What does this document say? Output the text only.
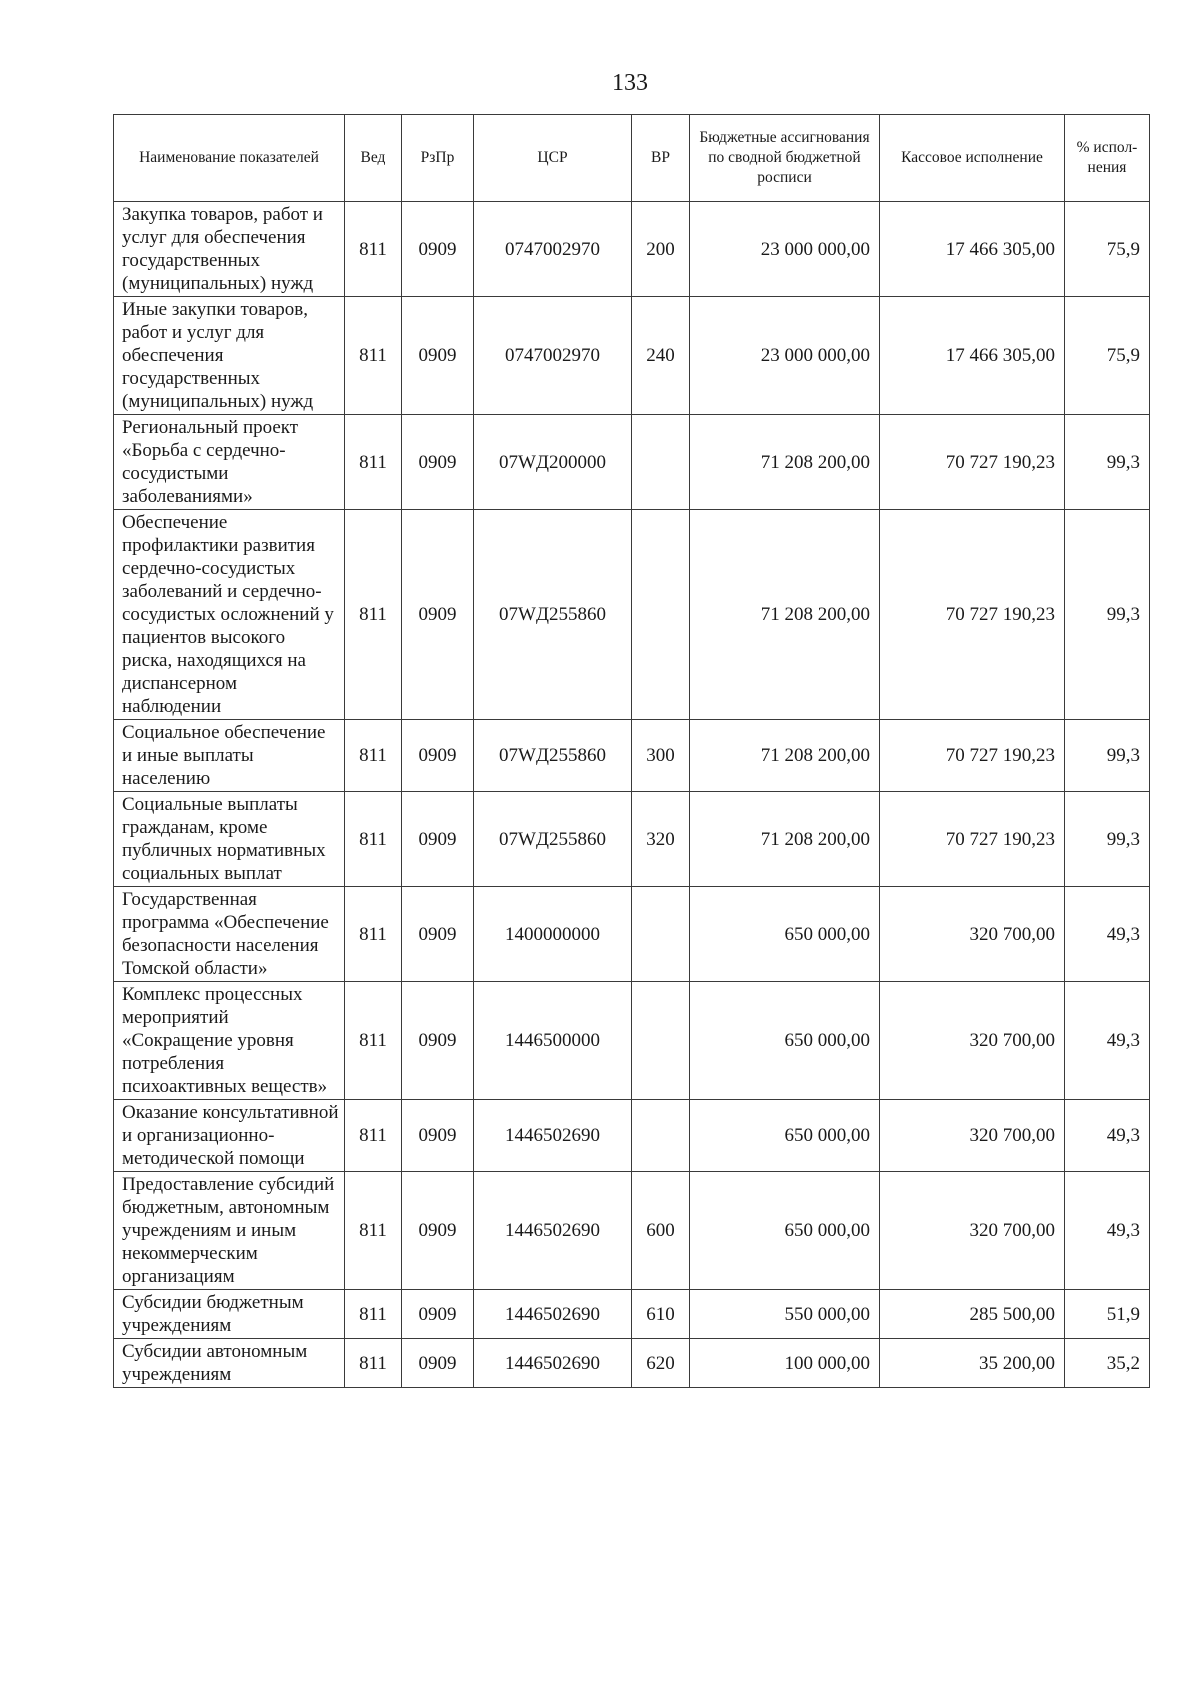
133
Наименование показателей	Вед	РзПр	ЦСР	ВР	Бюджетные ассигнования по сводной бюджетной росписи	Кассовое исполнение	% испол-нения
Закупка товаров, работ и услуг для обеспечения государственных (муниципальных) нужд	811	0909	0747002970	200	23 000 000,00	17 466 305,00	75,9
Иные закупки товаров, работ и услуг для обеспечения государственных (муниципальных) нужд	811	0909	0747002970	240	23 000 000,00	17 466 305,00	75,9
Региональный проект «Борьба с сердечно-сосудистыми заболеваниями»	811	0909	07WД200000		71 208 200,00	70 727 190,23	99,3
Обеспечение профилактики развития сердечно-сосудистых заболеваний и сердечно-сосудистых осложнений у пациентов высокого риска, находящихся на диспансерном наблюдении	811	0909	07WД255860		71 208 200,00	70 727 190,23	99,3
Социальное обеспечение и иные выплаты населению	811	0909	07WД255860	300	71 208 200,00	70 727 190,23	99,3
Социальные выплаты гражданам, кроме публичных нормативных социальных выплат	811	0909	07WД255860	320	71 208 200,00	70 727 190,23	99,3
Государственная программа «Обеспечение безопасности населения Томской области»	811	0909	1400000000		650 000,00	320 700,00	49,3
Комплекс процессных мероприятий «Сокращение уровня потребления психоактивных веществ»	811	0909	1446500000		650 000,00	320 700,00	49,3
Оказание консультативной и организационно-методической помощи	811	0909	1446502690		650 000,00	320 700,00	49,3
Предоставление субсидий бюджетным, автономным учреждениям и иным некоммерческим организациям	811	0909	1446502690	600	650 000,00	320 700,00	49,3
Субсидии бюджетным учреждениям	811	0909	1446502690	610	550 000,00	285 500,00	51,9
Субсидии автономным учреждениям	811	0909	1446502690	620	100 000,00	35 200,00	35,2
